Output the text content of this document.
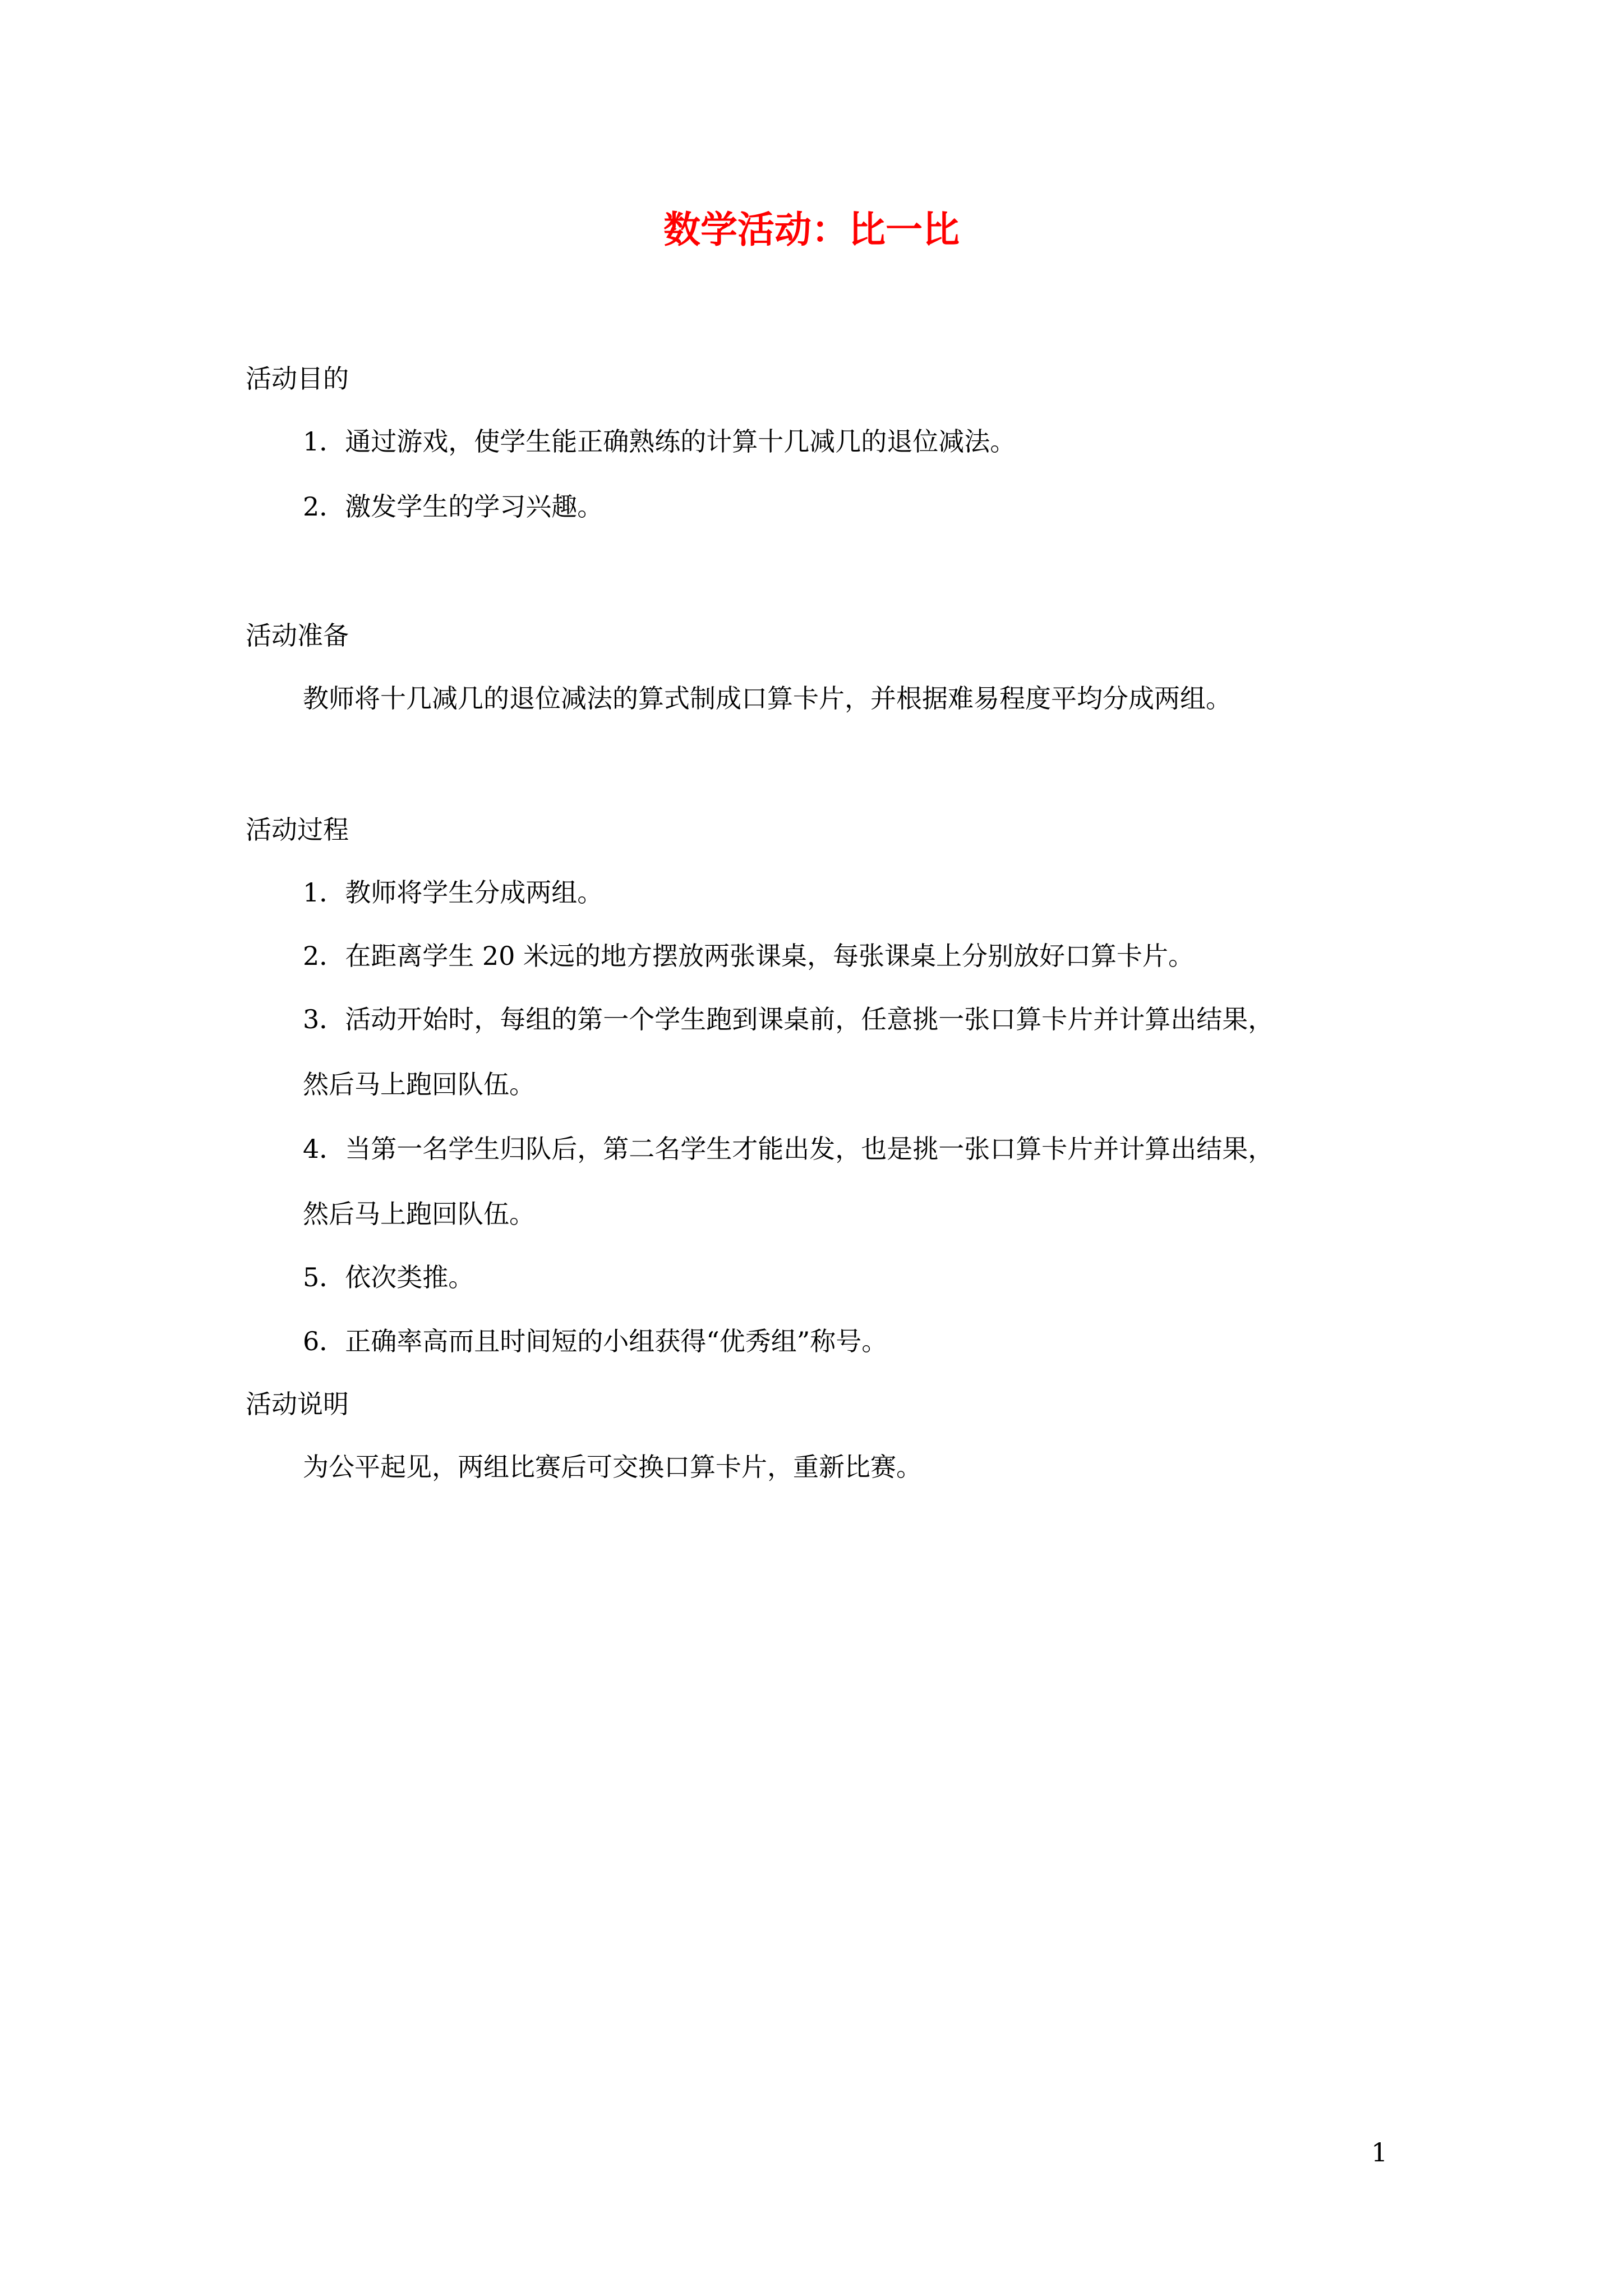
数学活动：比一比

活动目的

1．通过游戏，使学生能正确熟练的计算十几减几的退位减法。

2．激发学生的学习兴趣。

活动准备

教师将十几减几的退位减法的算式制成口算卡片，并根据难易程度平均分成两组。

活动过程

1．教师将学生分成两组。

2．在距离学生 20 米远的地方摆放两张课桌，每张课桌上分别放好口算卡片。

3．活动开始时，每组的第一个学生跑到课桌前，任意挑一张口算卡片并计算出结果，

然后马上跑回队伍。

4．当第一名学生归队后，第二名学生才能出发，也是挑一张口算卡片并计算出结果，

然后马上跑回队伍。

5．依次类推。

6．正确率高而且时间短的小组获得“优秀组”称号。

活动说明

为公平起见，两组比赛后可交换口算卡片，重新比赛。

1
